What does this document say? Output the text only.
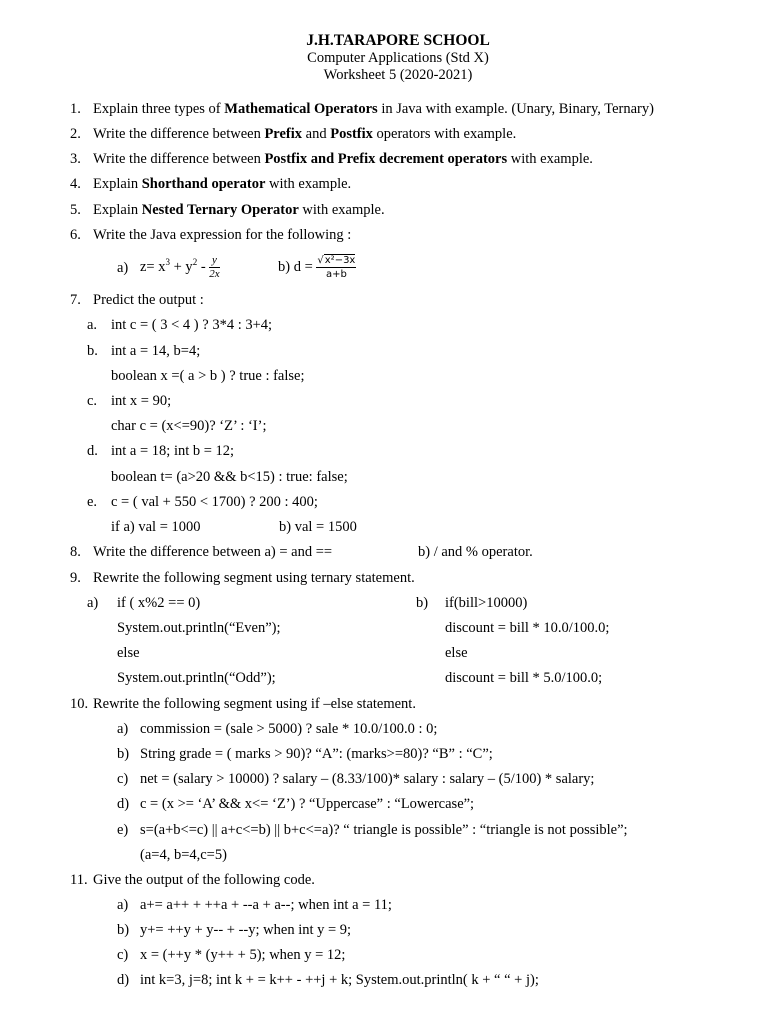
J.H.TARAPORE SCHOOL
Computer Applications (Std X)
Worksheet 5 (2020-2021)
1. Explain three types of Mathematical Operators in Java with example. (Unary, Binary, Ternary)
2. Write the difference between Prefix and Postfix operators with example.
3. Write the difference between Postfix and Prefix decrement operators with example.
4. Explain Shorthand operator with example.
5. Explain Nested Ternary Operator with example.
6. Write the Java expression for the following :
a) $z= x^3 + y^2 - \frac{y}{2x}$	b) $d = \frac{\text{√x²−3x}}{a+b}$
7. Predict the output :
a. int c = ( 3 < 4 ) ? 3*4 : 3+4;
b. int a = 14, b=4;
boolean x =( a > b ) ? true : false;
c. int x = 90;
char c = (x<=90)? ‘Z’ : ‘I’;
d. int a = 18; int b = 12;
boolean t= (a>20 && b<15) : true: false;
e. c = ( val + 550 < 1700) ? 200 : 400;
if a) val = 1000	b) val = 1500
8. Write the difference between a) = and ==	b) / and % operator.
9. Rewrite the following segment using ternary statement.
a) if ( x%2 == 0)
System.out.println(“Even”);
else
System.out.println(“Odd”);
b) if(bill>10000)
discount = bill * 10.0/100.0;
else
discount = bill * 5.0/100.0;
10. Rewrite the following segment using if –else statement.
a) commission = (sale > 5000) ? sale * 10.0/100.0 : 0;
b) String grade = ( marks > 90)? “A”: (marks>=80)? “B” : “C”;
c) net = (salary > 10000) ? salary – (8.33/100)* salary : salary – (5/100) * salary;
d) c = (x >= ‘A’ && x<= ‘Z’) ? “Uppercase” : “Lowercase”;
e) s=(a+b<=c) || a+c<=b) || b+c<=a)? “ triangle is possible” : “triangle is not possible”;
(a=4, b=4,c=5)
11. Give the output of the following code.
a) a+= a++ + ++a + --a + a--; when int a = 11;
b) y+= ++y + y-- + --y; when int y = 9;
c) x = (++y * (y++ + 5); when y = 12;
d) int k=3, j=8; int k + = k++ - ++j + k; System.out.println( k + “ “ + j);
